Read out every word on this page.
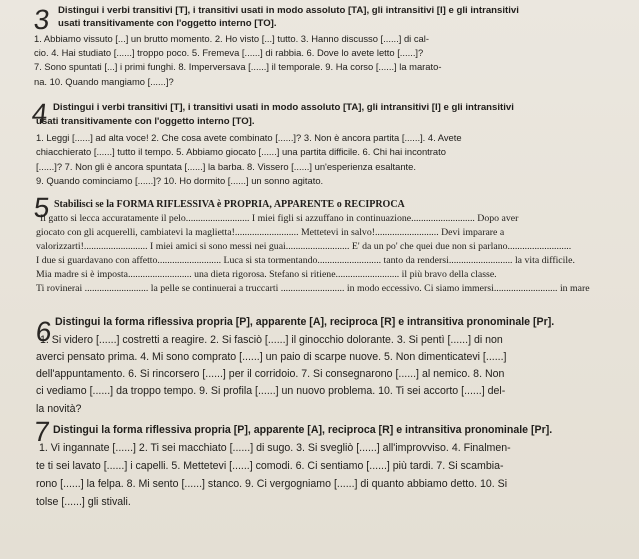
3 Distingui i verbi transitivi [T], i transitivi usati in modo assoluto [TA], gli intransitivi [I] e gli intransitivi
usati transitivamente con l'oggetto interno [TO].
1. Abbiamo vissuto [...] un brutto momento. 2. Ho visto [...] tutto. 3. Hanno discusso [......] di cal-
cio. 4. Hai studiato [......] troppo poco. 5. Fremeva [......] di rabbia. 6. Dove lo avete letto [......]?
7. Sono spuntati [...] i primi funghi. 8. Imperversava [......] il temporale. 9. Ha corso [......] la marato-
na. 10. Quando mangiamo [......]?
4 Distingui i verbi transitivi [T], i transitivi usati in modo assoluto [TA], gli intransitivi [I] e gli intransitivi
usati transitivamente con l'oggetto interno [TO].
1. Leggi [......] ad alta voce! 2. Che cosa avete combinato [......]? 3. Non è ancora partita [......]. 4. Avete
chiacchierato [......] tutto il tempo. 5. Abbiamo giocato [......] una partita difficile. 6. Chi hai incontrato
[......]? 7. Non gli è ancora spuntata [......] la barba. 8. Vissero [......] un'esperienza esaltante.
9. Quando cominciamo [......]? 10. Ho dormito [......] un sonno agitato.
5 Stabilisci se la FORMA RIFLESSIVA è PROPRIA, APPARENTE o RECIPROCA
Il gatto si lecca accuratamente il pelo.......................... I miei figli si azzuffano in continuazione.......................... Dopo aver
giocato con gli acquerelli, cambiatevi la maglietta!.......................... Mettetevi in salvo!.......................... Devi imparare a
valorizzarti!.......................... I miei amici si sono messi nei guai.......................... E' da un po' che quei due non si parlano..........................
I due si guardavano con affetto.......................... Luca si sta tormentando.......................... tanto da rendersi.......................... la vita difficile.
Mia madre si è imposta.......................... una dieta rigorosa. Stefano si ritiene.......................... il più bravo della classe.
Ti rovinerai .......................... la pelle se continuerai a truccarti .......................... in modo eccessivo. Ci siamo immersi.......................... in mare
6 Distingui la forma riflessiva propria [P], apparente [A], reciproca [R] e intransitiva pronominale [Pr].
1. Si videro [......] costretti a reagire. 2. Si fasciò [......] il ginocchio dolorante. 3. Si pentì [......] di non
averci pensato prima. 4. Mi sono comprato [......] un paio di scarpe nuove. 5. Non dimenticatevi [......]
dell'appuntamento. 6. Si rincorsero [......] per il corridoio. 7. Si consegnarono [......] al nemico. 8. Non
ci vediamo [......] da troppo tempo. 9. Si profila [......] un nuovo problema. 10. Ti sei accorto [......] del-
la novità?
7 Distingui la forma riflessiva propria [P], apparente [A], reciproca [R] e intransitiva pronominale [Pr].
1. Vi ingannate [......] 2. Ti sei macchiato [......] di sugo. 3. Si svegliò [......] all'improvviso. 4. Finalmen-
te ti sei lavato [......] i capelli. 5. Mettetevi [......] comodi. 6. Ci sentiamo [......] più tardi. 7. Si scambia-
rono [......] la felpa. 8. Mi sento [......] stanco. 9. Ci vergogniamo [......] di quanto abbiamo detto. 10. Si
tolse [......] gli stivali.
